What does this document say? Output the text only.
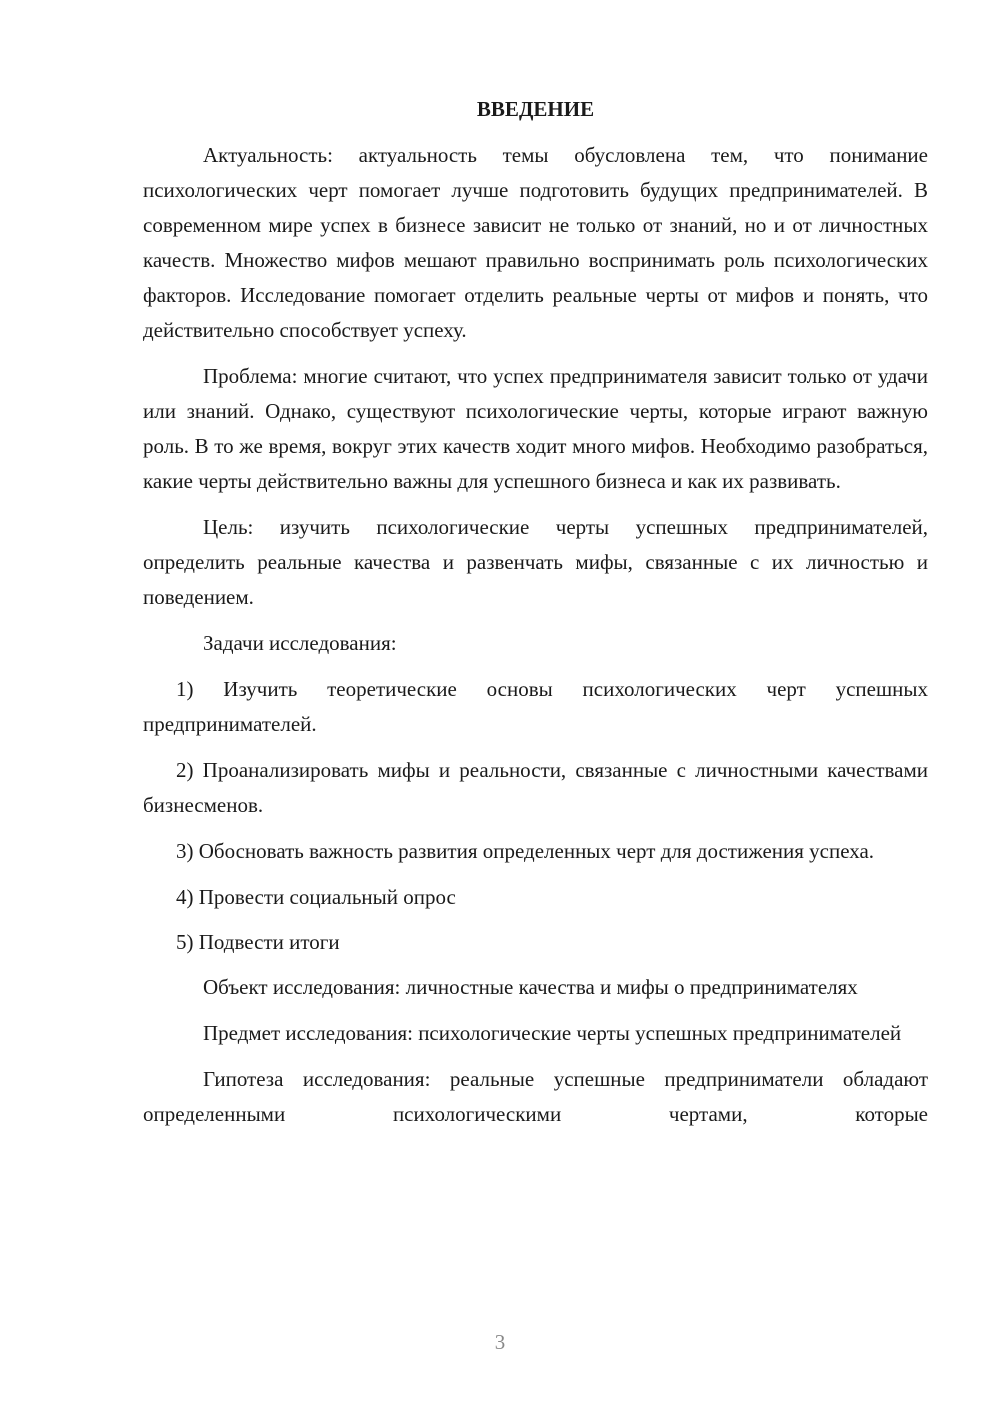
ВВЕДЕНИЕ

Актуальность: актуальность темы обусловлена тем, что понимание психологических черт помогает лучше подготовить будущих предпринимателей. В современном мире успех в бизнесе зависит не только от знаний, но и от личностных качеств. Множество мифов мешают правильно воспринимать роль психологических факторов. Исследование помогает отделить реальные черты от мифов и понять, что действительно способствует успеху.

Проблема: многие считают, что успех предпринимателя зависит только от удачи или знаний. Однако, существуют психологические черты, которые играют важную роль. В то же время, вокруг этих качеств ходит много мифов. Необходимо разобраться, какие черты действительно важны для успешного бизнеса и как их развивать.

Цель: изучить психологические черты успешных предпринимателей, определить реальные качества и развенчать мифы, связанные с их личностью и поведением.

Задачи исследования:

1) Изучить теоретические основы психологических черт успешных предпринимателей.

2) Проанализировать мифы и реальности, связанные с личностными качествами бизнесменов.

3) Обосновать важность развития определенных черт для достижения успеха.

4) Провести социальный опрос

5) Подвести итоги

Объект исследования: личностные качества и мифы о предпринимателях

Предмет исследования: психологические черты успешных предпринимателей

Гипотеза исследования: реальные успешные предприниматели обладают определенными психологическими чертами, которые

3
